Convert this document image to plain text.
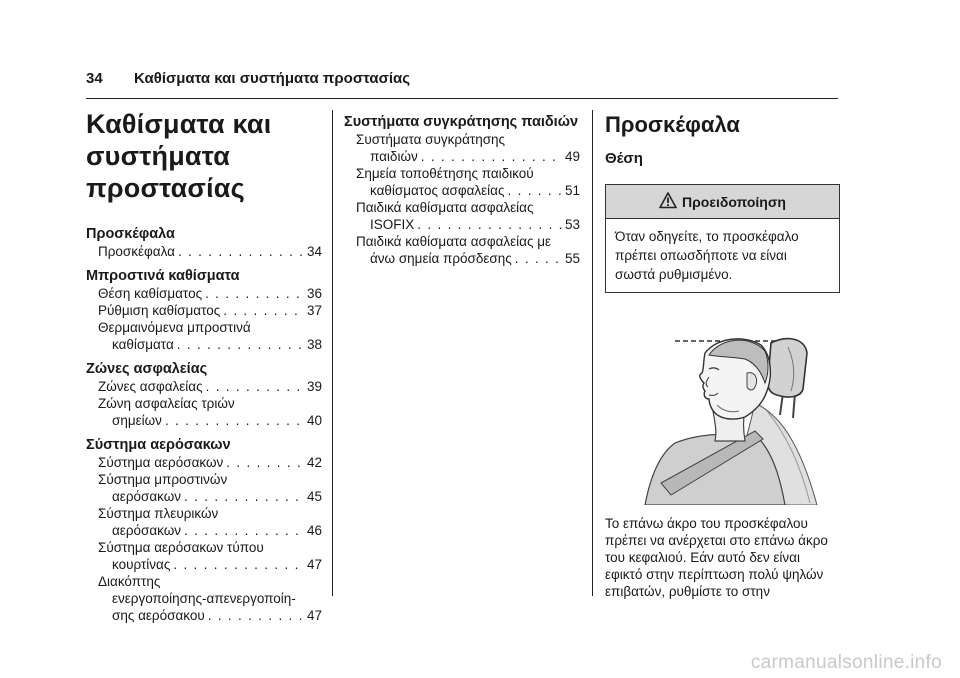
34 Καθίσματα και συστήματα προστασίας
Καθίσματα και
συστήματα
προστασίας
Προσκέφαλα
Προσκέφαλα . . .	34
Μπροστινά καθίσματα
Θέση καθίσματος . . .	36
Ρύθμιση καθίσματος . . .	37
Θερμαινόμενα μπροστινά
καθίσματα . . .	38
Ζώνες ασφαλείας
Ζώνες ασφαλείας . . .	39
Ζώνη ασφαλείας τριών
σημείων . . .	40
Σύστημα αερόσακων
Σύστημα αερόσακων . . .	42
Σύστημα μπροστινών
αερόσακων . . .	45
Σύστημα πλευρικών
αερόσακων . . .	46
Σύστημα αερόσακων τύπου
κουρτίνας . . .	47
Διακόπτης
ενεργοποίησης-απενεργοποίη-
σης αερόσακου . . .	47
Συστήματα συγκράτησης παιδιών
Συστήματα συγκράτησης
παιδιών . . .	49
Σημεία τοποθέτησης παιδικού
καθίσματος ασφαλείας . . .	51
Παιδικά καθίσματα ασφαλείας
ISOFIX . . .	53
Παιδικά καθίσματα ασφαλείας με
άνω σημεία πρόσδεσης . . .	55
Προσκέφαλα
Θέση
Προειδοποίηση
Όταν οδηγείτε, το προσκέφαλο πρέπει οπωσδήποτε να είναι σωστά ρυθμισμένο.
Το επάνω άκρο του προσκέφαλου πρέπει να ανέρχεται στο επάνω άκρο του κεφαλιού. Εάν αυτό δεν είναι εφικτό στην περίπτωση πολύ ψηλών επιβατών, ρυθμίστε το στην
carmanualsonline.info
